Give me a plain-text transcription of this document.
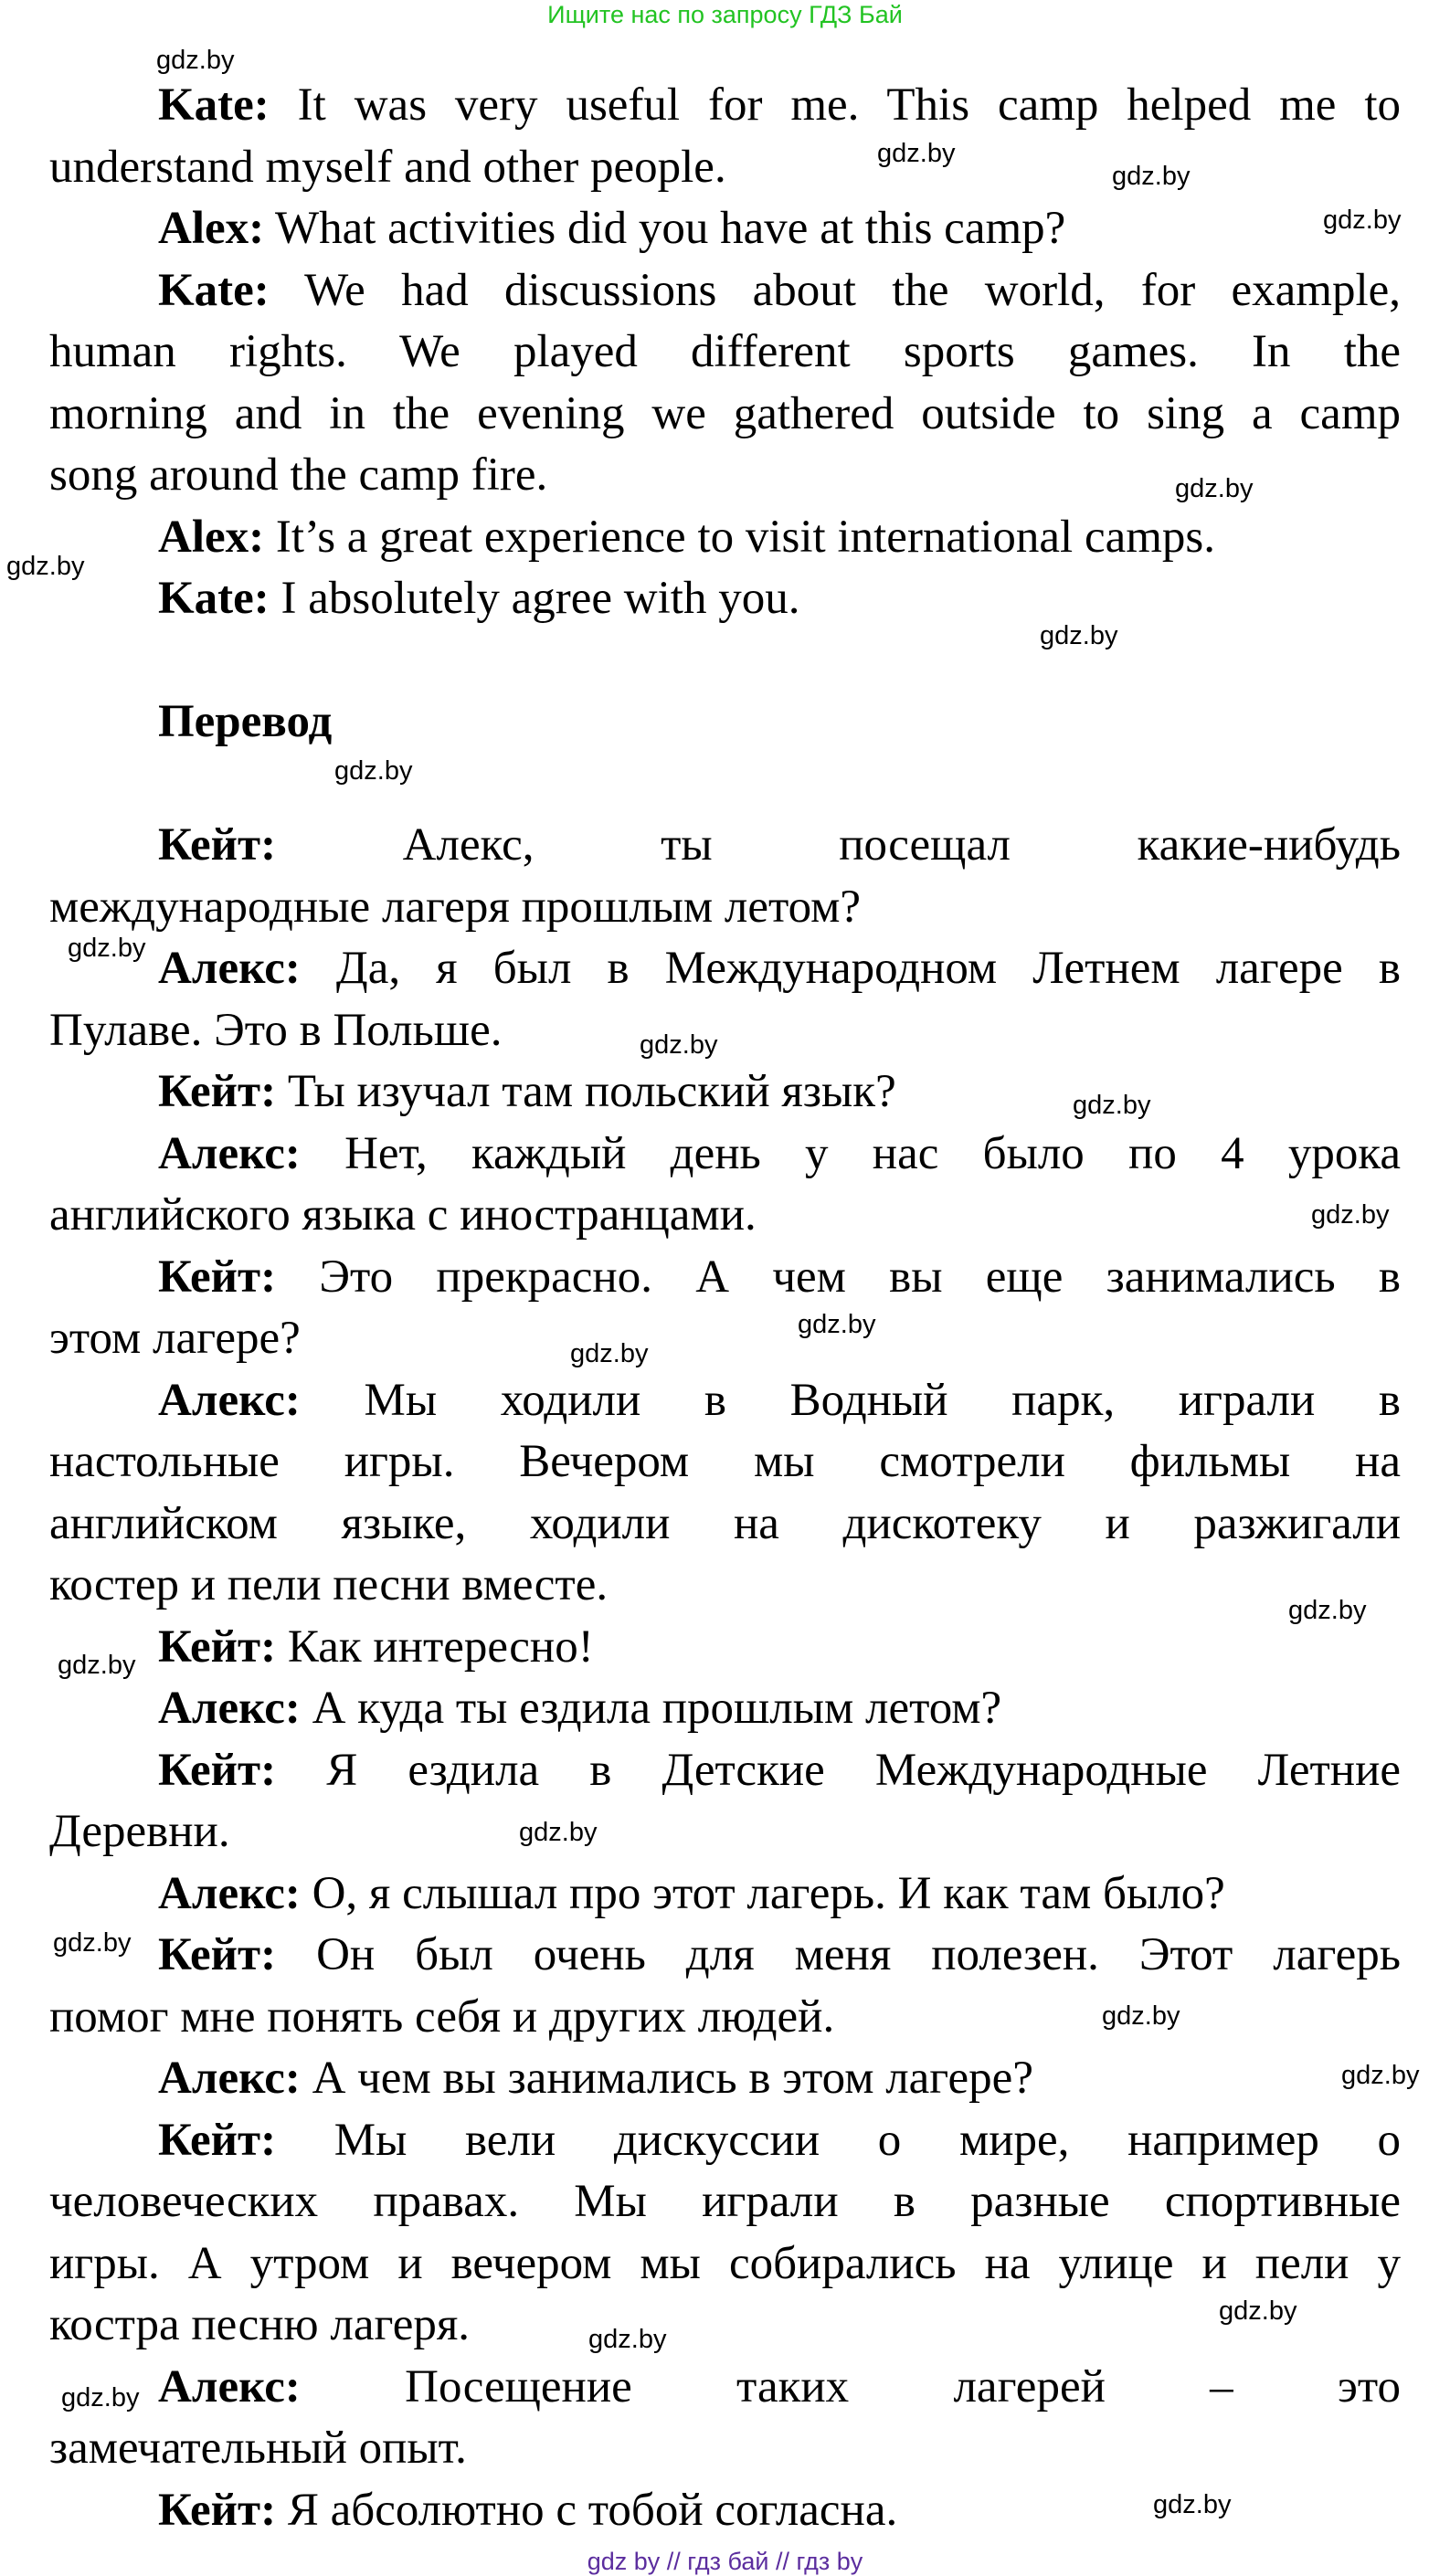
Ищите нас по запросу ГДЗ Бай
Kate: It was very useful for me. This camp helped me to
understand myself and other people.
Alex: What activities did you have at this camp?
Kate: We had discussions about the world, for example,
human rights. We played different sports games. In the
morning and in the evening we gathered outside to sing a camp
song around the camp fire.
Alex: It’s a great experience to visit international camps.
Kate: I absolutely agree with you.

Перевод

Кейт: Алекс, ты посещал какие-нибудь
международные лагеря прошлым летом?
Алекс: Да, я был в Международном Летнем лагере в
Пулаве. Это в Польше.
Кейт: Ты изучал там польский язык?
Алекс: Нет, каждый день у нас было по 4 урока
английского языка с иностранцами.
Кейт: Это прекрасно. А чем вы еще занимались в
этом лагере?
Алекс: Мы ходили в Водный парк, играли в
настольные игры. Вечером мы смотрели фильмы на
английском языке, ходили на дискотеку и разжигали
костер и пели песни вместе.
Кейт: Как интересно!
Алекс: А куда ты ездила прошлым летом?
Кейт: Я ездила в Детские Международные Летние
Деревни.
Алекс: О, я слышал про этот лагерь. И как там было?
Кейт: Он был очень для меня полезен. Этот лагерь
помог мне понять себя и других людей.
Алекс: А чем вы занимались в этом лагере?
Кейт: Мы вели дискуссии о мире, например о
человеческих правах. Мы играли в разные спортивные
игры. А утром и вечером мы собирались на улице и пели у
костра песню лагеря.
Алекс: Посещение таких лагерей – это
замечательный опыт.
Кейт: Я абсолютно с тобой согласна.
gdz.by
gdz.by
gdz.by
gdz.by
gdz.by
gdz.by
gdz.by
gdz.by
gdz.by
gdz.by
gdz.by
gdz.by
gdz.by
gdz.by
gdz.by
gdz.by
gdz.by
gdz.by
gdz.by
gdz.by
gdz.by
gdz.by
gdz.by
gdz.by
gdz by // гдз бай // гдз by
